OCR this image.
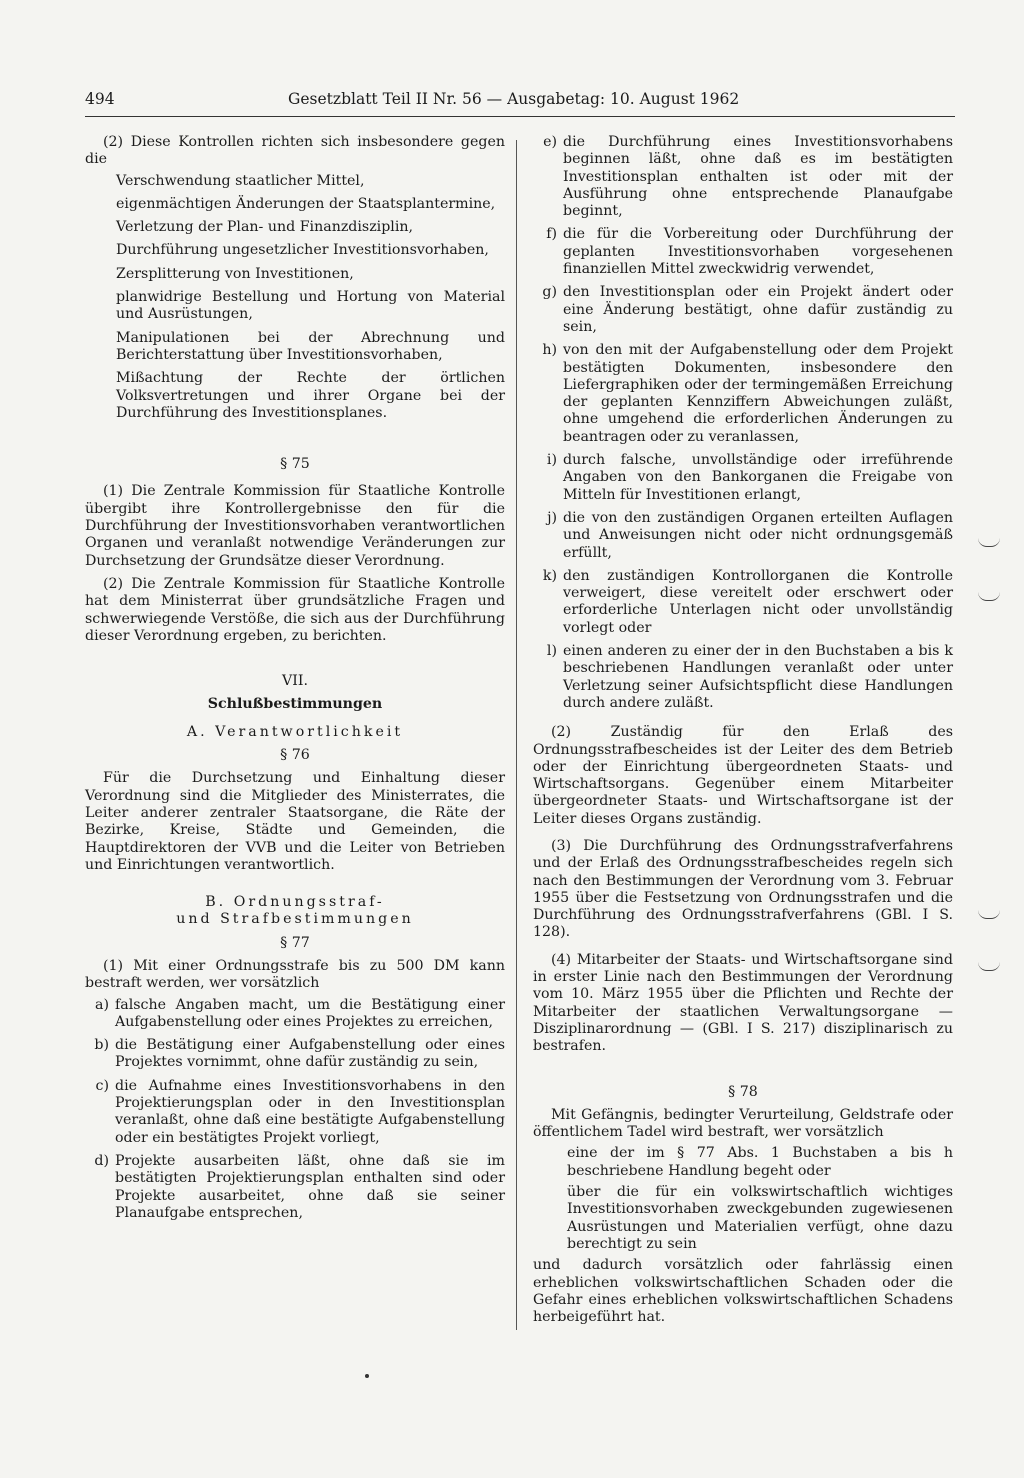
494	Gesetzblatt Teil II Nr. 56 — Ausgabetag: 10. August 1962

(2) Diese Kontrollen richten sich insbesondere gegen die

Verschwendung staatlicher Mittel,

eigenmächtigen Änderungen der Staatsplantermine,

Verletzung der Plan- und Finanzdisziplin,

Durchführung ungesetzlicher Investitionsvorhaben,

Zersplitterung von Investitionen,

planwidrige Bestellung und Hortung von Material und Ausrüstungen,

Manipulationen bei der Abrechnung und Berichterstattung über Investitionsvorhaben,

Mißachtung der Rechte der örtlichen Volksvertretungen und ihrer Organe bei der Durchführung des Investitionsplanes.

§ 75

(1) Die Zentrale Kommission für Staatliche Kontrolle übergibt ihre Kontrollergebnisse den für die Durchführung der Investitionsvorhaben verantwortlichen Organen und veranlaßt notwendige Veränderungen zur Durchsetzung der Grundsätze dieser Verordnung.

(2) Die Zentrale Kommission für Staatliche Kontrolle hat dem Ministerrat über grundsätzliche Fragen und schwerwiegende Verstöße, die sich aus der Durchführung dieser Verordnung ergeben, zu berichten.

VII.

Schlußbestimmungen

A. Verantwortlichkeit

§ 76

Für die Durchsetzung und Einhaltung dieser Verordnung sind die Mitglieder des Ministerrates, die Leiter anderer zentraler Staatsorgane, die Räte der Bezirke, Kreise, Städte und Gemeinden, die Hauptdirektoren der VVB und die Leiter von Betrieben und Einrichtungen verantwortlich.

B. Ordnungsstraf-

und Strafbestimmungen

§ 77

(1) Mit einer Ordnungsstrafe bis zu 500 DM kann bestraft werden, wer vorsätzlich

a) falsche Angaben macht, um die Bestätigung einer Aufgabenstellung oder eines Projektes zu erreichen,
b) die Bestätigung einer Aufgabenstellung oder eines Projektes vornimmt, ohne dafür zuständig zu sein,
c) die Aufnahme eines Investitionsvorhabens in den Projektierungsplan oder in den Investitionsplan veranlaßt, ohne daß eine bestätigte Aufgabenstellung oder ein bestätigtes Projekt vorliegt,
d) Projekte ausarbeiten läßt, ohne daß sie im bestätigten Projektierungsplan enthalten sind oder Projekte ausarbeitet, ohne daß sie seiner Planaufgabe entsprechen,
e) die Durchführung eines Investitionsvorhabens beginnen läßt, ohne daß es im bestätigten Investitionsplan enthalten ist oder mit der Ausführung ohne entsprechende Planaufgabe beginnt,
f) die für die Vorbereitung oder Durchführung der geplanten Investitionsvorhaben vorgesehenen finanziellen Mittel zweckwidrig verwendet,
g) den Investitionsplan oder ein Projekt ändert oder eine Änderung bestätigt, ohne dafür zuständig zu sein,
h) von den mit der Aufgabenstellung oder dem Projekt bestätigten Dokumenten, insbesondere den Liefergraphiken oder der termingemäßen Erreichung der geplanten Kennziffern Abweichungen zuläßt, ohne umgehend die erforderlichen Änderungen zu beantragen oder zu veranlassen,
i) durch falsche, unvollständige oder irreführende Angaben von den Bankorganen die Freigabe von Mitteln für Investitionen erlangt,
j) die von den zuständigen Organen erteilten Auflagen und Anweisungen nicht oder nicht ordnungsgemäß erfüllt,
k) den zuständigen Kontrollorganen die Kontrolle verweigert, diese vereitelt oder erschwert oder erforderliche Unterlagen nicht oder unvollständig vorlegt oder
l) einen anderen zu einer der in den Buchstaben a bis k beschriebenen Handlungen veranlaßt oder unter Verletzung seiner Aufsichtspflicht diese Handlungen durch andere zuläßt.

(2) Zuständig für den Erlaß des Ordnungsstrafbescheides ist der Leiter des dem Betrieb oder der Einrichtung übergeordneten Staats- und Wirtschaftsorgans. Gegenüber einem Mitarbeiter übergeordneter Staats- und Wirtschaftsorgane ist der Leiter dieses Organs zuständig.

(3) Die Durchführung des Ordnungsstrafverfahrens und der Erlaß des Ordnungsstrafbescheides regeln sich nach den Bestimmungen der Verordnung vom 3. Februar 1955 über die Festsetzung von Ordnungsstrafen und die Durchführung des Ordnungsstrafverfahrens (GBl. I S. 128).

(4) Mitarbeiter der Staats- und Wirtschaftsorgane sind in erster Linie nach den Bestimmungen der Verordnung vom 10. März 1955 über die Pflichten und Rechte der Mitarbeiter der staatlichen Verwaltungsorgane — Disziplinarordnung — (GBl. I S. 217) disziplinarisch zu bestrafen.

§ 78

Mit Gefängnis, bedingter Verurteilung, Geldstrafe oder öffentlichem Tadel wird bestraft, wer vorsätzlich

eine der im § 77 Abs. 1 Buchstaben a bis h beschriebene Handlung begeht oder

über die für ein volkswirtschaftlich wichtiges Investitionsvorhaben zweckgebunden zugewiesenen Ausrüstungen und Materialien verfügt, ohne dazu berechtigt zu sein

und dadurch vorsätzlich oder fahrlässig einen erheblichen volkswirtschaftlichen Schaden oder die Gefahr eines erheblichen volkswirtschaftlichen Schadens herbeigeführt hat.
